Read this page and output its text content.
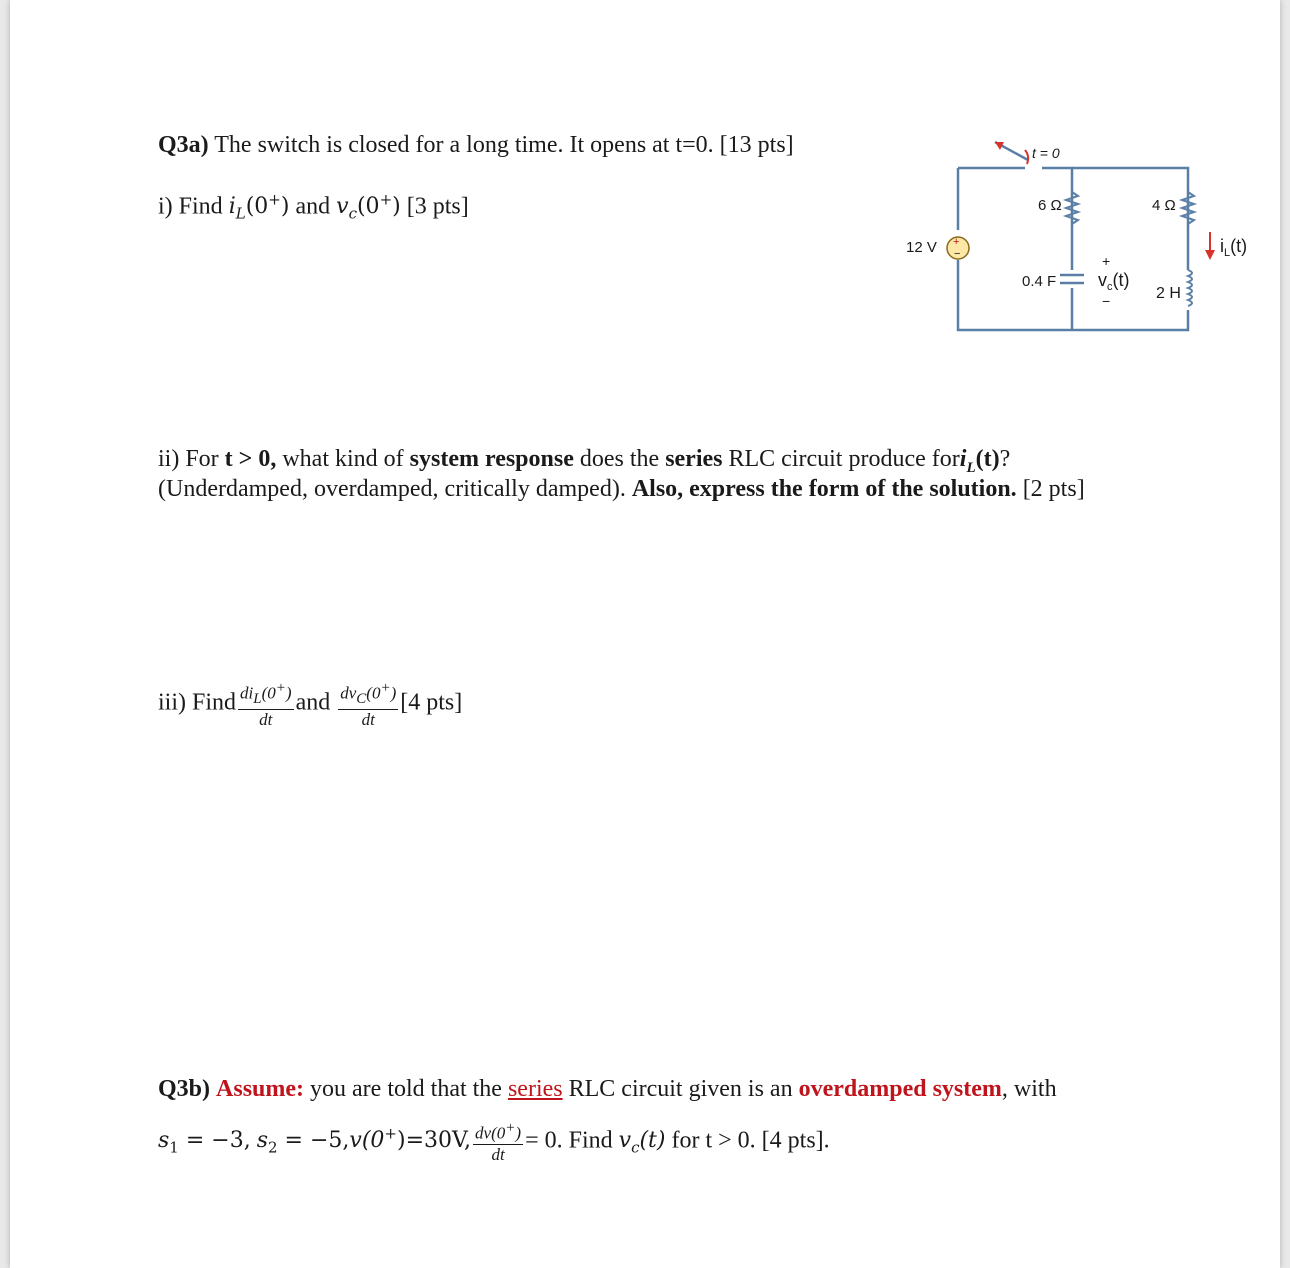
Q3a) The switch is closed for a long time. It opens at t=0. [13 pts]
i) Find $i_L(0^+)$ and $v_c(0^+)$ [3 pts]
t = 0
6 Ω	4 Ω
+
−
12 V
0.4 F
+
$v_c(t)$
−	2 H
$i_L(t)$
ii) For t > 0, what kind of system response does the series RLC circuit produce fori$_L$(t)?
(Underdamped, overdamped, critically damped). Also, express the form of the solution. [2 pts]
iii) Find $\frac{di_L(0^+)}{dt}$ and $\frac{dv_C(0^+)}{dt} [4$ pts]
Q3b) Assume: you are told that the series RLC circuit given is an overdamped system, with
$s_1 = -3$, $s_2 = -5,v(0^+)=30V$, $\frac{dv(0^+)}{dt} = 0$. Find $v_c(t)$ for t > 0. [4 pts].
